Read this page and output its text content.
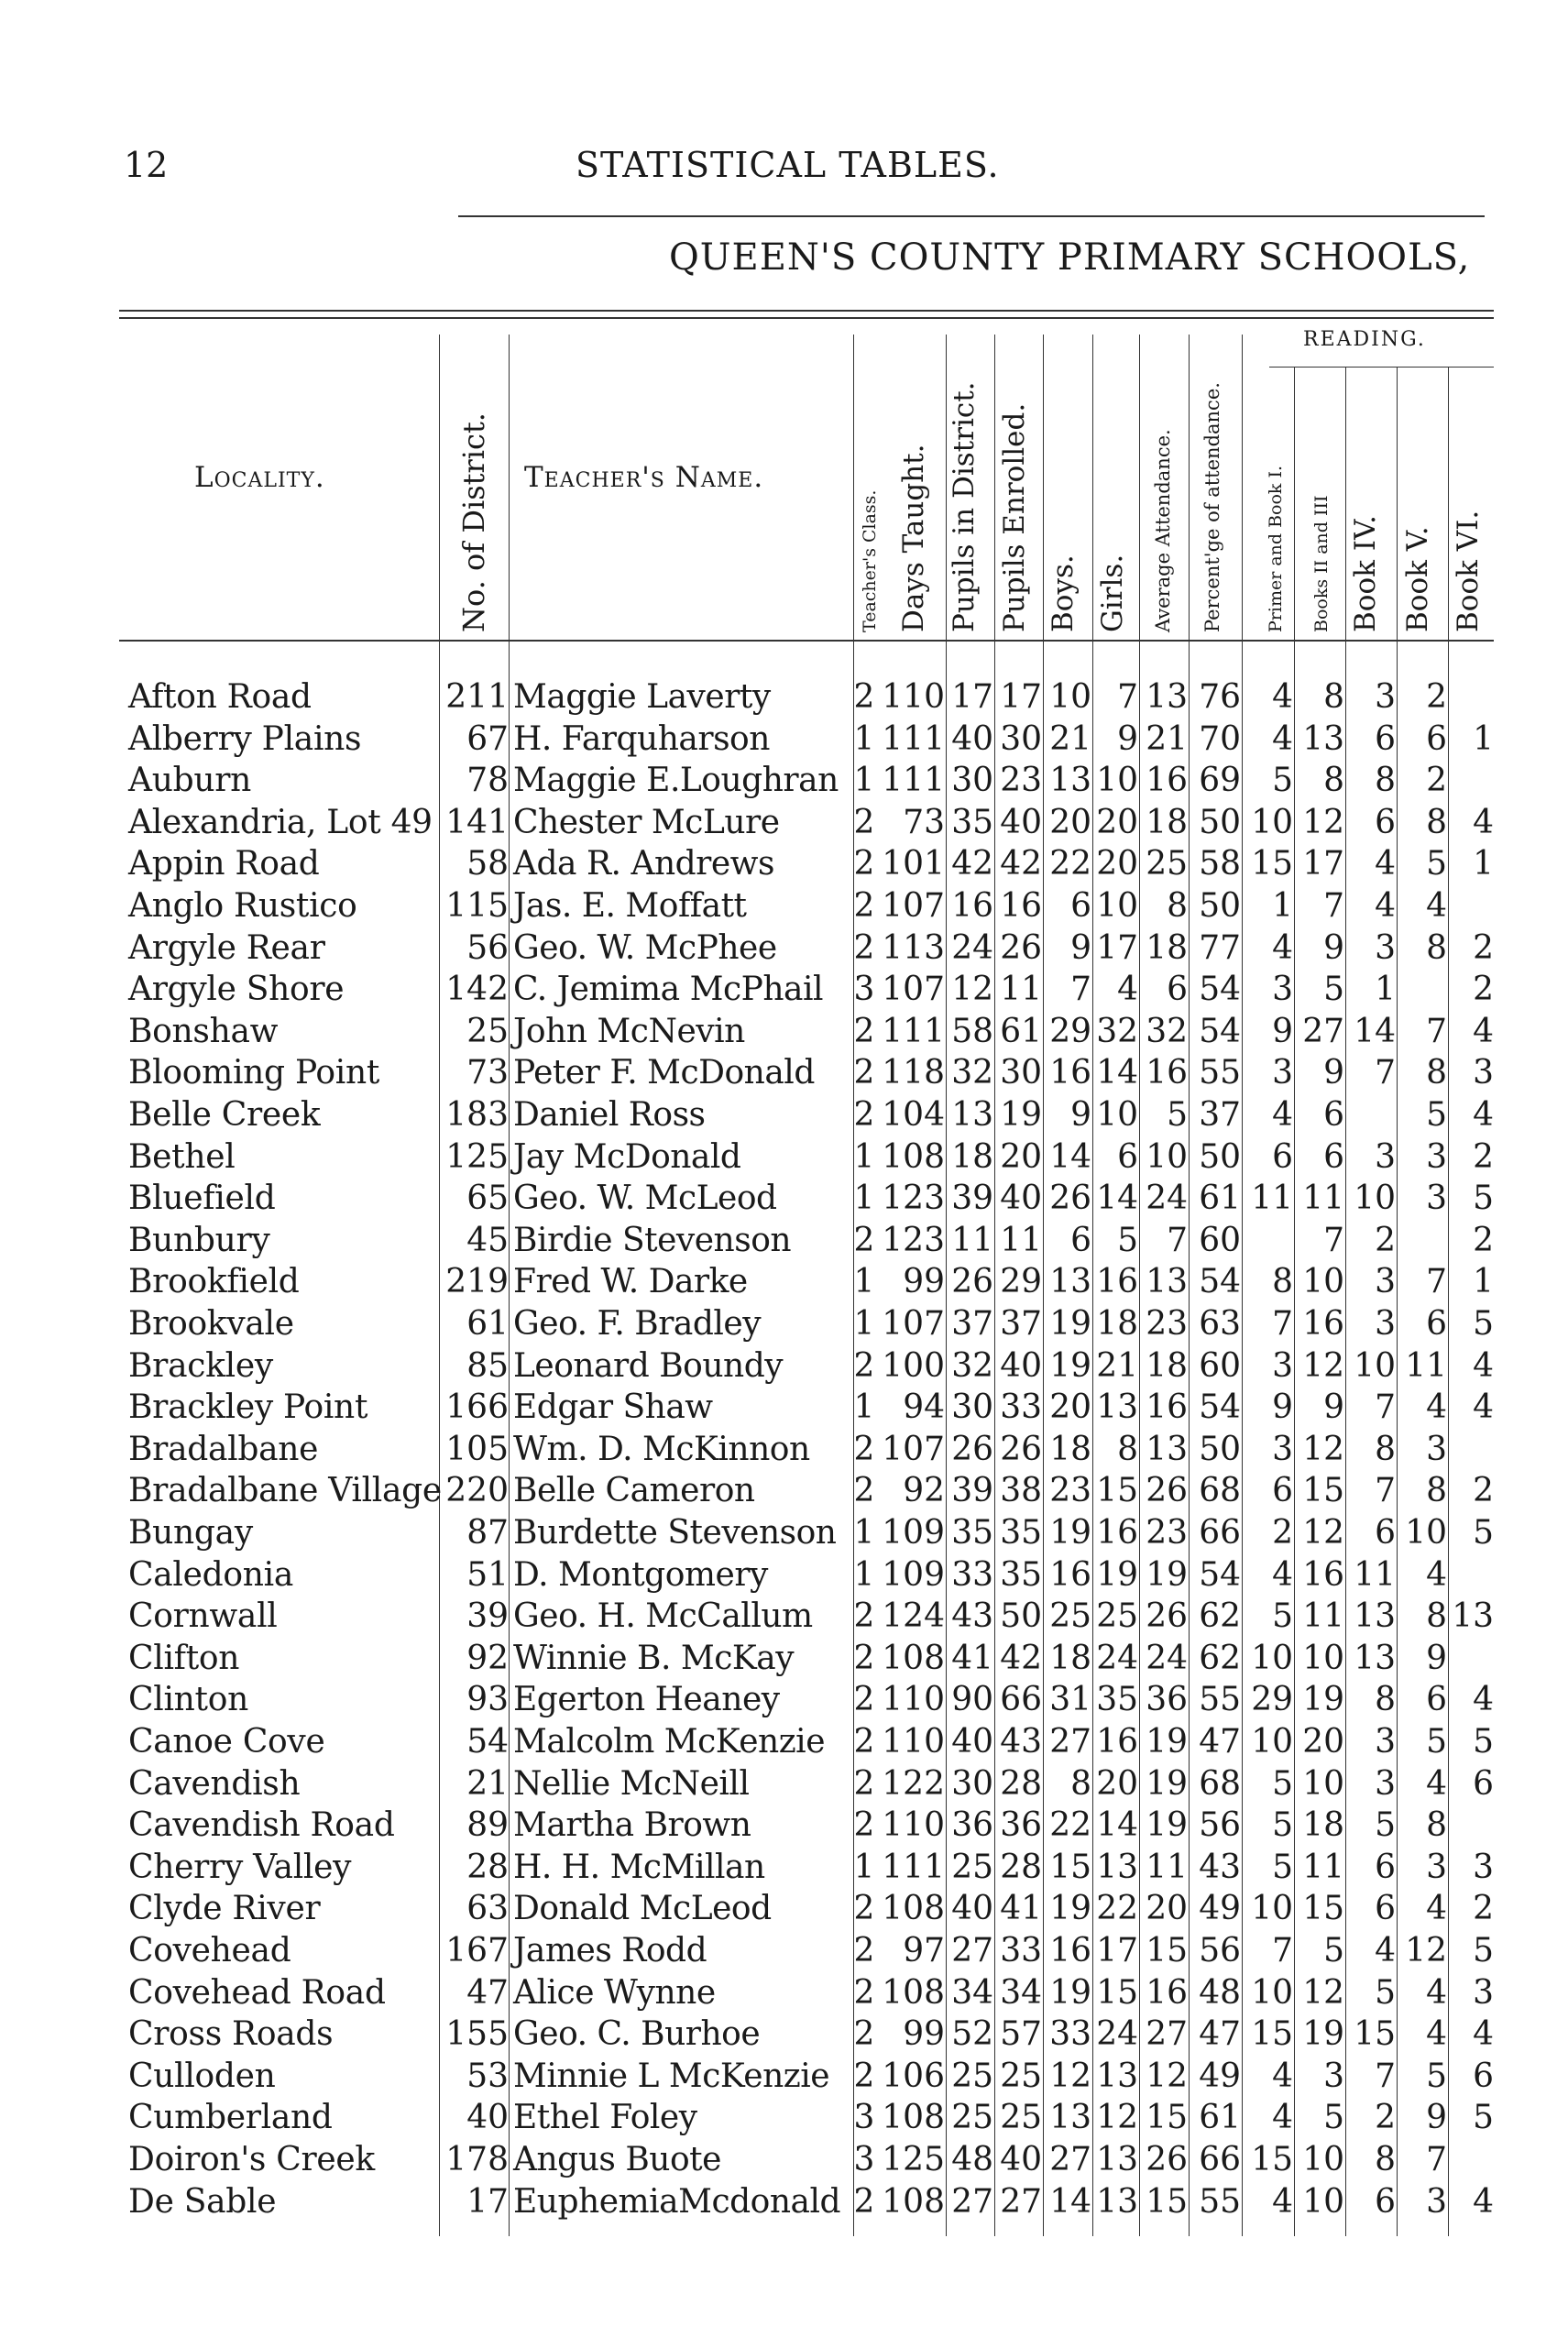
12	STATISTICAL TABLES.
QUEEN'S COUNTY PRIMARY SCHOOLS,
Locality.	Teacher's Name.
READING.
No. of District.	Teacher's Class. Days Taught. Pupils in District. Pupils Enrolled. Boys. Girls. Average Attendance. Percent'ge of attendance. Primer and Book I. Books II and III Book IV. Book V. Book VI.
Afton Road	211 Maggie Laverty	2 110 17 17 10 7 13 76 4 8 3 2
Alberry Plains	67 H. Farquharson	1 111 40 30 21 9 21 70 4 13 6 6 1
Auburn	78 Maggie E.Loughran 1 111 30 23 13 10 16 69 5 8 8 2
Alexandria, Lot 49 141 Chester McLure	2 73 35 40 20 20 18 50 10 12 6 8 4
Appin Road	58 Ada R. Andrews	2 101 42 42 22 20 25 58 15 17 4 5 1
Anglo Rustico	115 Jas. E. Moffatt	2 107 16 16 6 10 8 50 1 7 4 4
Argyle Rear	56 Geo. W. McPhee	2 113 24 26 9 17 18 77 4 9 3 8 2
Argyle Shore	142 C. Jemima McPhail 3 107 12 11 7 4 6 54 3 5 1	2
Bonshaw	25 John McNevin	2 111 58 61 29 32 32 54 9 27 14 7 4
Blooming Point	73 Peter F. McDonald	2 118 32 30 16 14 16 55 3 9 7 8 3
Belle Creek	183 Daniel Ross	2 104 13 19 9 10 5 37 4 6	5 4
Bethel	125 Jay McDonald	1 108 18 20 14 6 10 50 6 6 3 3 2
Bluefield	65 Geo. W. McLeod	1 123 39 40 26 14 24 61 11 11 10 3 5
Bunbury	45 Birdie Stevenson	2 123 11 11 6 5 7 60	7 2	2
Brookfield	219 Fred W. Darke	1 99 26 29 13 16 13 54 8 10 3 7 1
Brookvale	61 Geo. F. Bradley	1 107 37 37 19 18 23 63 7 16 3 6 5
Brackley	85 Leonard Boundy	2 100 32 40 19 21 18 60 3 12 10 11 4
Brackley Point	166 Edgar Shaw	1 94 30 33 20 13 16 54 9 9 7 4 4
Bradalbane	105 Wm. D. McKinnon	2 107 26 26 18 8 13 50 3 12 8 3
Bradalbane Village 220 Belle Cameron	2 92 39 38 23 15 26 68 6 15 7 8 2
Bungay	87 Burdette Stevenson 1 109 35 35 19 16 23 66 2 12 6 10 5
Caledonia	51 D. Montgomery	1 109 33 35 16 19 19 54 4 16 11 4
Cornwall	39 Geo. H. McCallum	2 124 43 50 25 25 26 62 5 11 13 8 13
Clifton	92 Winnie B. McKay	2 108 41 42 18 24 24 62 10 10 13 9
Clinton	93 Egerton Heaney	2 110 90 66 31 35 36 55 29 19 8 6 4
Canoe Cove	54 Malcolm McKenzie 2 110 40 43 27 16 19 47 10 20 3 5 5
Cavendish	21 Nellie McNeill	2 122 30 28 8 20 19 68 5 10 3 4 6
Cavendish Road	89 Martha Brown	2 110 36 36 22 14 19 56 5 18 5 8
Cherry Valley	28 H. H. McMillan	1 111 25 28 15 13 11 43 5 11 6 3 3
Clyde River	63 Donald McLeod	2 108 40 41 19 22 20 49 10 15 6 4 2
Covehead	167 James Rodd	2 97 27 33 16 17 15 56 7 5 4 12 5
Covehead Road	47 Alice Wynne	2 108 34 34 19 15 16 48 10 12 5 4 3
Cross Roads	155 Geo. C. Burhoe	2 99 52 57 33 24 27 47 15 19 15 4 4
Culloden	53 Minnie L McKenzie 2 106 25 25 12 13 12 49 4 3 7 5 6
Cumberland	40 Ethel Foley	3 108 25 25 13 12 15 61 4 5 2 9 5
Doiron's Creek	178 Angus Buote	3 125 48 40 27 13 26 66 15 10 8 7
De Sable	17 EuphemiaMcdonald 2 108 27 27 14 13 15 55 4 10 6 3 4
